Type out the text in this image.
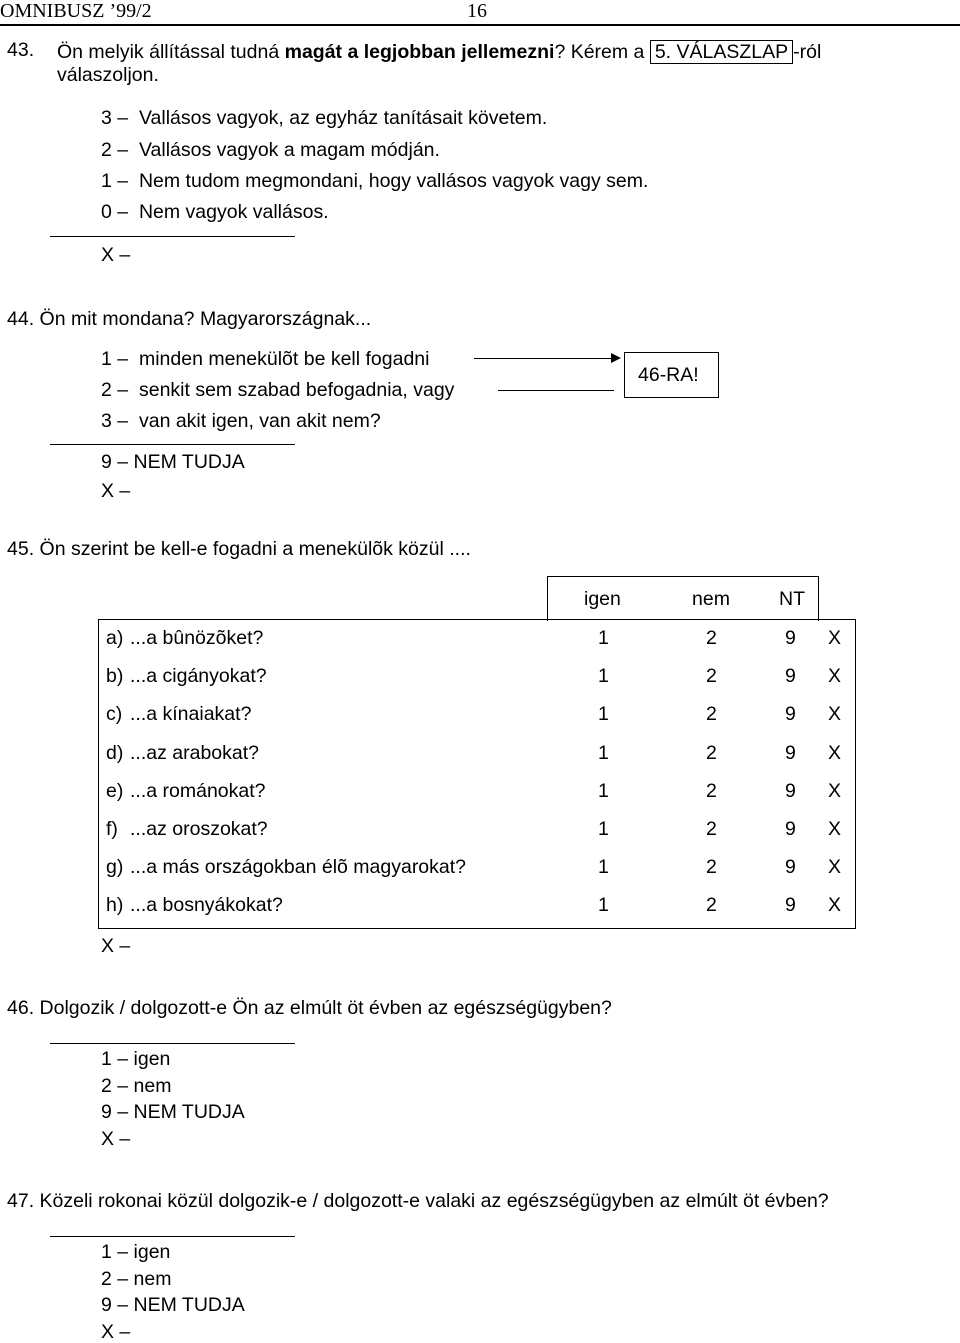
OMNIBUSZ ’99/2	16
43. Ön melyik állítással tudná magát a legjobban jellemezni? Kérem a 5. VÁLASZLAP -ról
válaszoljon.
3 –  Vallásos vagyok, az egyház tanításait követem.
2 –  Vallásos vagyok a magam módján.
1 –  Nem tudom megmondani, hogy vallásos vagyok vagy sem.
0 –  Nem vagyok vallásos.
X –
44. Ön mit mondana? Magyarországnak...
1 –  minden menekülõt be kell fogadni
2 –  senkit sem szabad befogadnia, vagy
3 –  van akit igen, van akit nem?
46-RA!
9 – NEM TUDJA
X –
45. Ön szerint be kell-e fogadni a menekülõk közül ....
igen	nem	NT
a) ...a bûnözõket?	1	2	9 X
b) ...a cigányokat?	1	2	9 X
c) ...a kínaiakat?	1	2	9 X
d) ...az arabokat?	1	2	9 X
e) ...a románokat?	1	2	9 X
f) ...az oroszokat?	1	2	9 X
g) ...a más országokban élõ magyarokat?	1	2	9 X
h) ...a bosnyákokat?	1	2	9 X
X –
46. Dolgozik / dolgozott-e Ön az elmúlt öt évben az egészségügyben?
1 – igen
2 – nem
9 – NEM TUDJA
X –
47. Közeli rokonai közül dolgozik-e / dolgozott-e valaki az egészségügyben az elmúlt öt évben?
1 – igen
2 – nem
9 – NEM TUDJA
X –
